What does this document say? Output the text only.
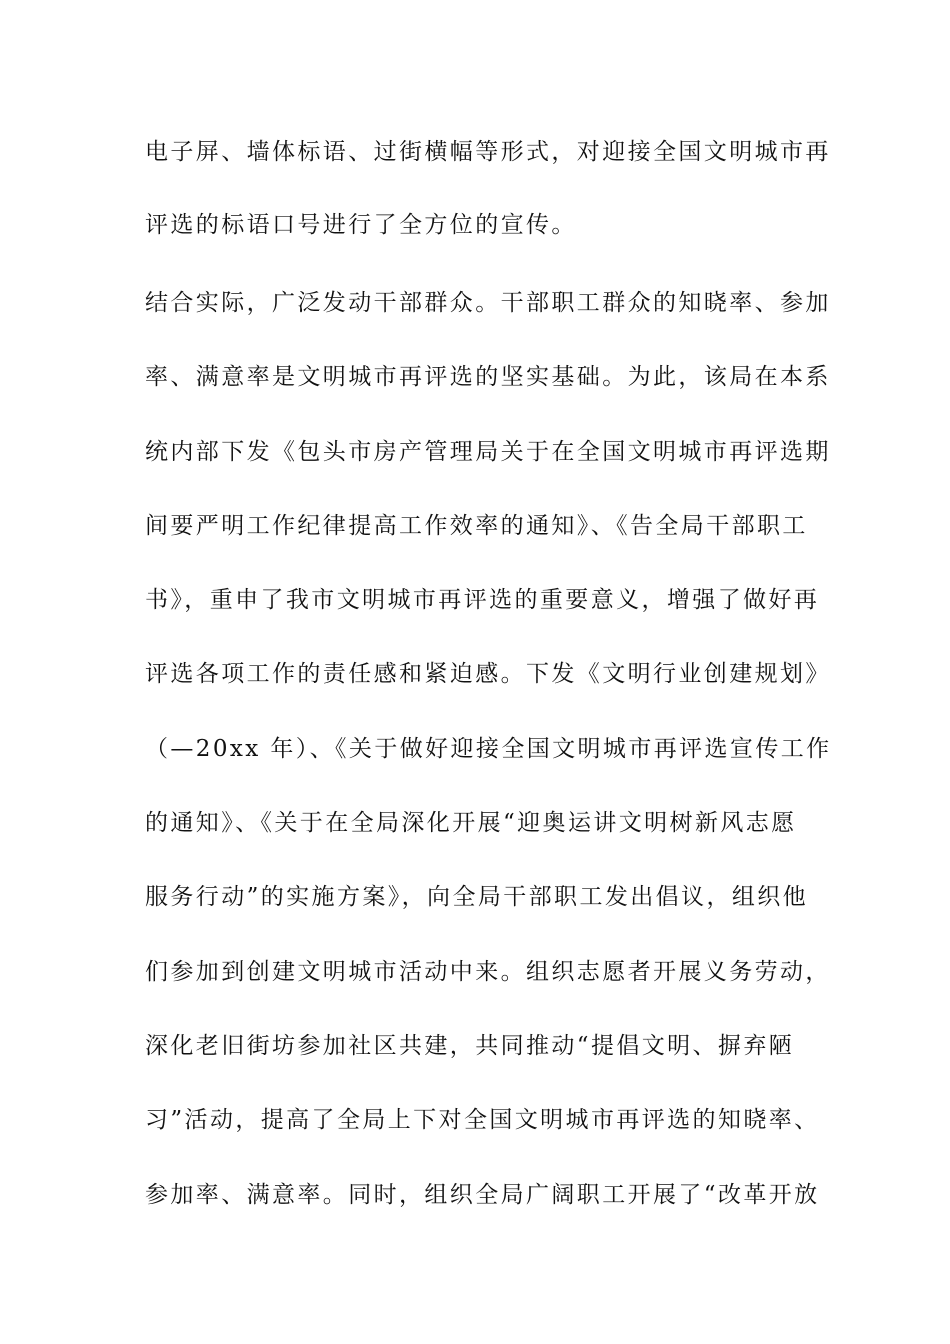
电子屏、墙体标语、过街横幅等形式，对迎接全国文明城市再
评选的标语口号进行了全方位的宣传。
结合实际，广泛发动干部群众。干部职工群众的知晓率、参加
率、满意率是文明城市再评选的坚实基础。为此，该局在本系
统内部下发《包头市房产管理局关于在全国文明城市再评选期
间要严明工作纪律提高工作效率的通知》、《告全局干部职工
书》，重申了我市文明城市再评选的重要意义，增强了做好再
评选各项工作的责任感和紧迫感。下发《文明行业创建规划》
（—20xx 年）、《关于做好迎接全国文明城市再评选宣传工作
的通知》、《关于在全局深化开展“迎奥运讲文明树新风志愿
服务行动”的实施方案》，向全局干部职工发出倡议，组织他
们参加到创建文明城市活动中来。组织志愿者开展义务劳动，
深化老旧街坊参加社区共建，共同推动“提倡文明、摒弃陋
习”活动，提高了全局上下对全国文明城市再评选的知晓率、
参加率、满意率。同时，组织全局广阔职工开展了“改革开放
